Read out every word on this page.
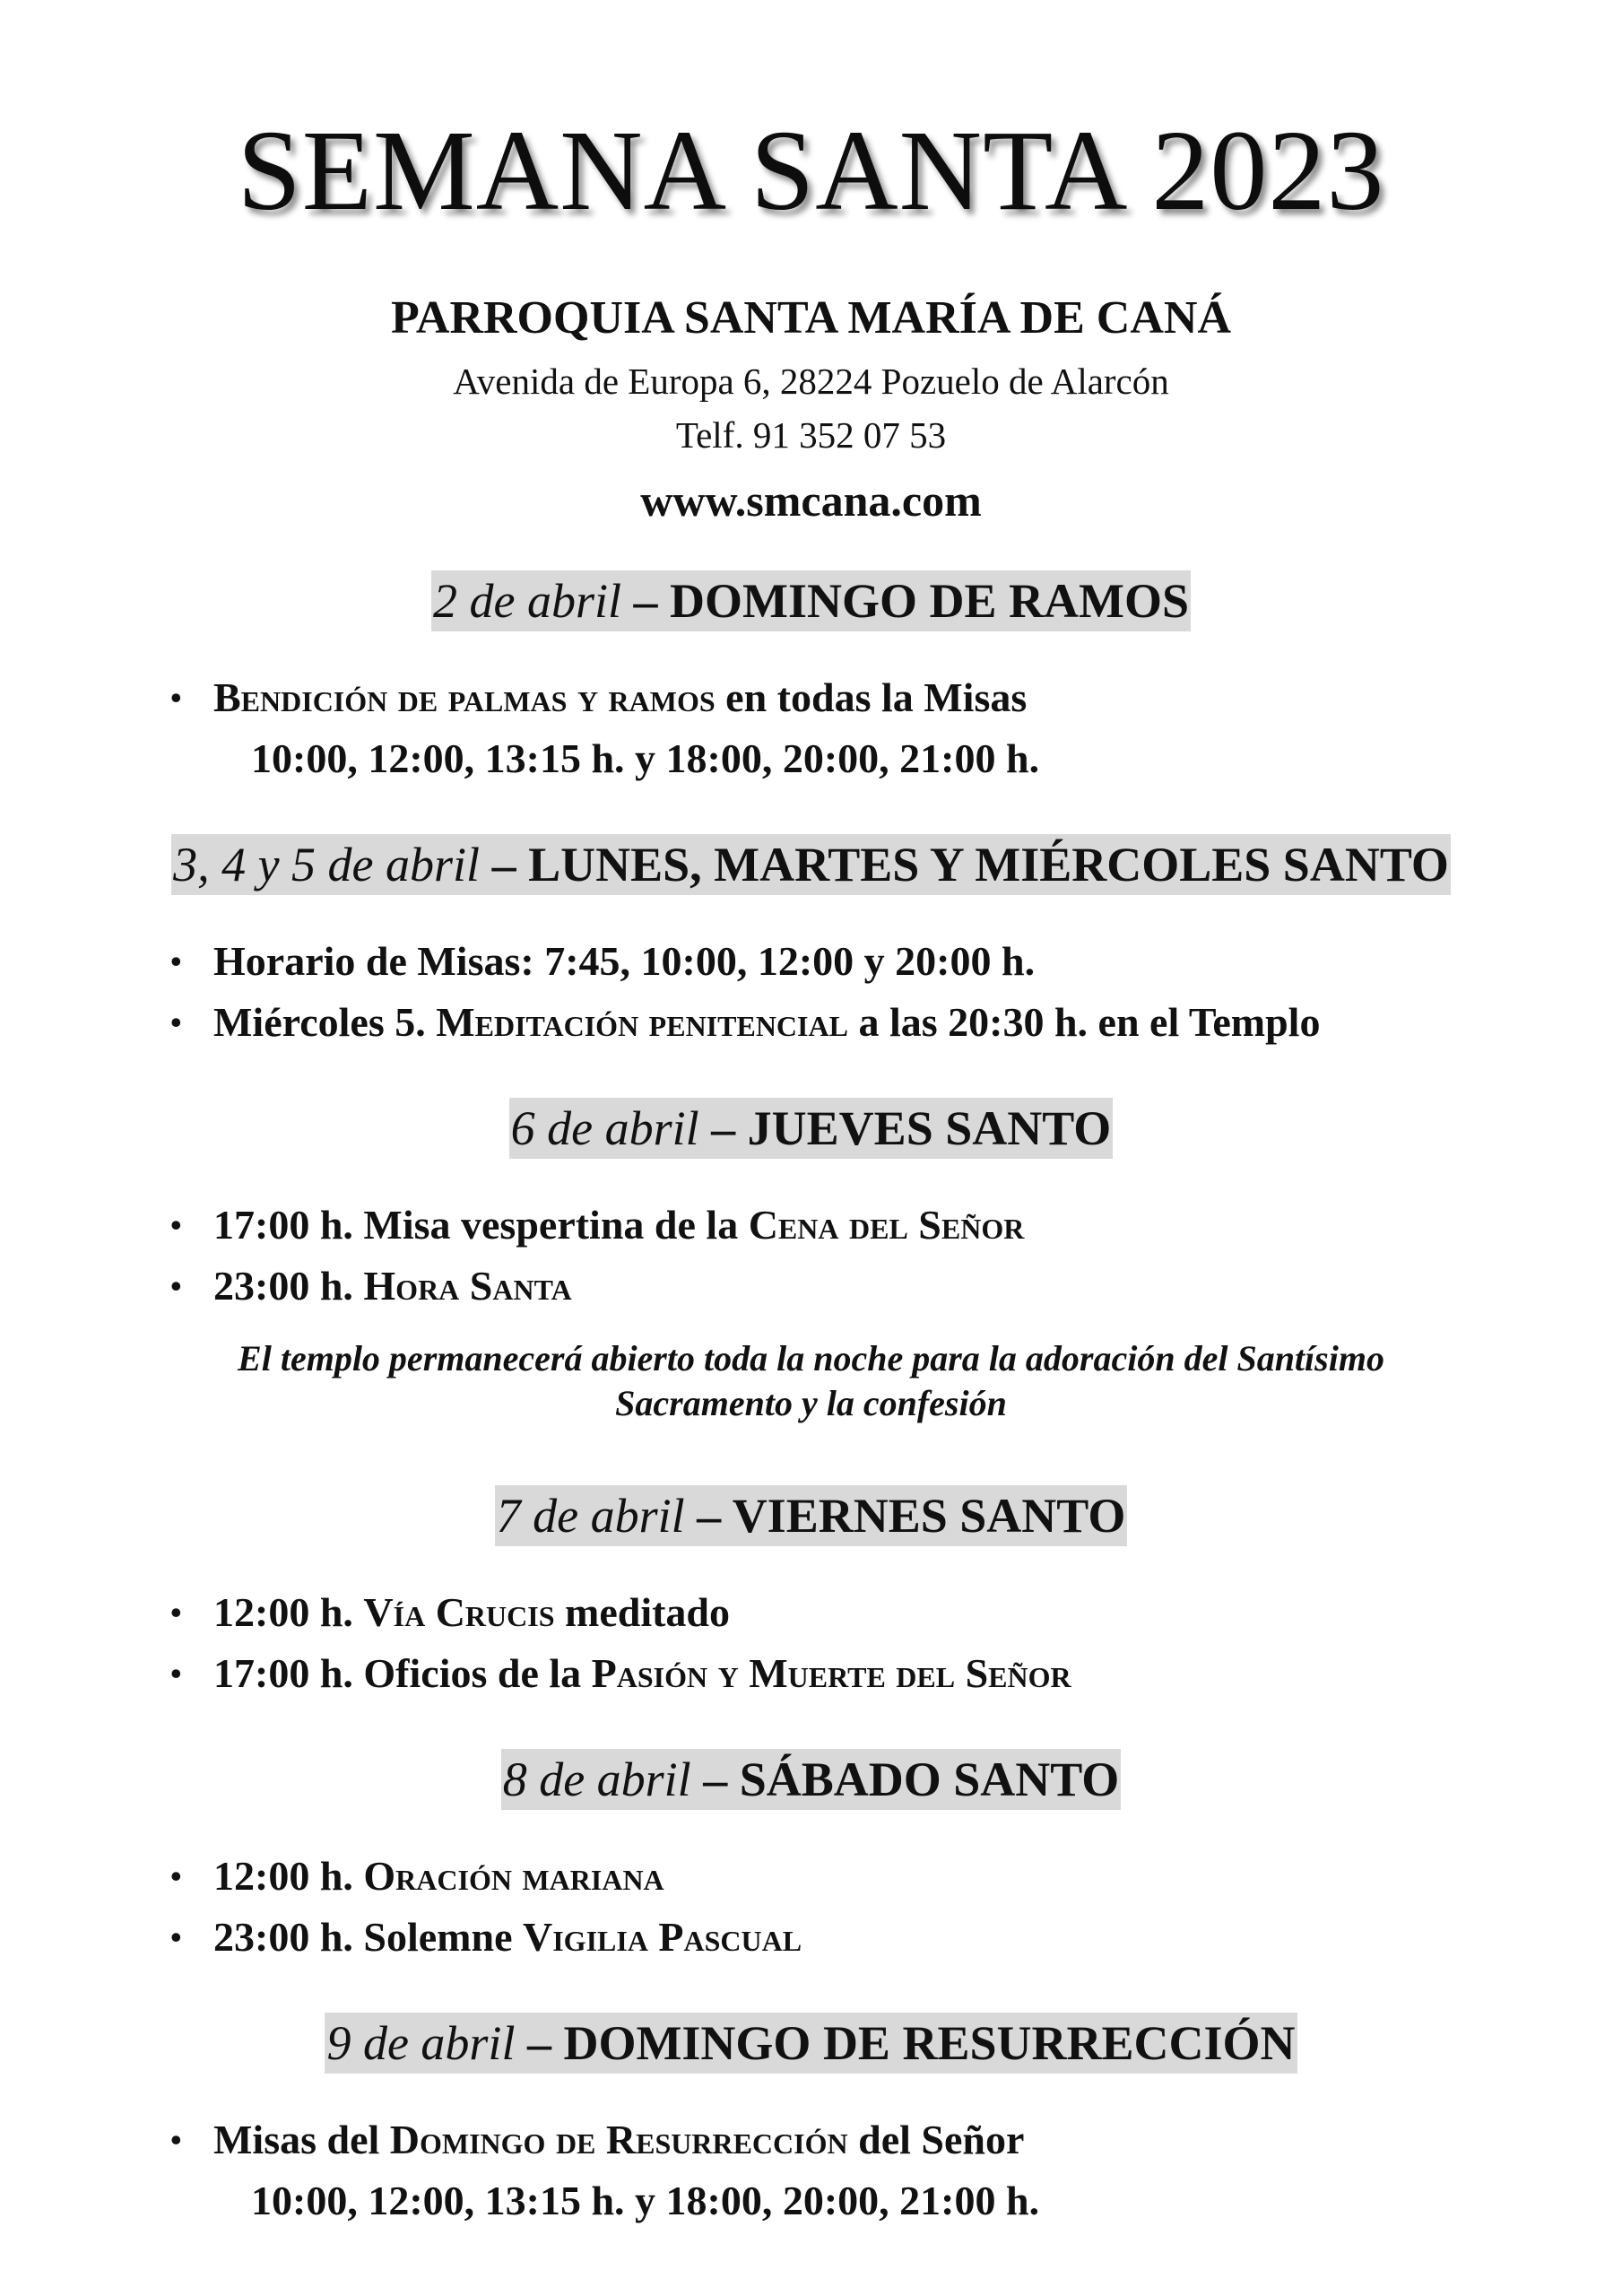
SEMANA SANTA 2023
PARROQUIA SANTA MARÍA DE CANÁ
Avenida de Europa 6, 28224 Pozuelo de Alarcón
Telf. 91 352 07 53
www.smcana.com
2 de abril – DOMINGO DE RAMOS
• Bendición de palmas y ramos en todas la Misas
10:00, 12:00, 13:15 h. y 18:00, 20:00, 21:00 h.
3, 4 y 5 de abril – LUNES, MARTES Y MIÉRCOLES SANTO
• Horario de Misas: 7:45, 10:00, 12:00 y 20:00 h.
• Miércoles 5. Meditación penitencial a las 20:30 h. en el Templo
6 de abril – JUEVES SANTO
• 17:00 h. Misa vespertina de la Cena del Señor
• 23:00 h. Hora Santa
El templo permanecerá abierto toda la noche para la adoración del Santísimo Sacramento y la confesión
7 de abril – VIERNES SANTO
• 12:00 h. Vía Crucis meditado
• 17:00 h. Oficios de la Pasión y Muerte del Señor
8 de abril – SÁBADO SANTO
• 12:00 h. Oración mariana
• 23:00 h. Solemne Vigilia Pascual
9 de abril – DOMINGO DE RESURRECCIÓN
• Misas del Domingo de Resurrección del Señor
10:00, 12:00, 13:15 h. y 18:00, 20:00, 21:00 h.
